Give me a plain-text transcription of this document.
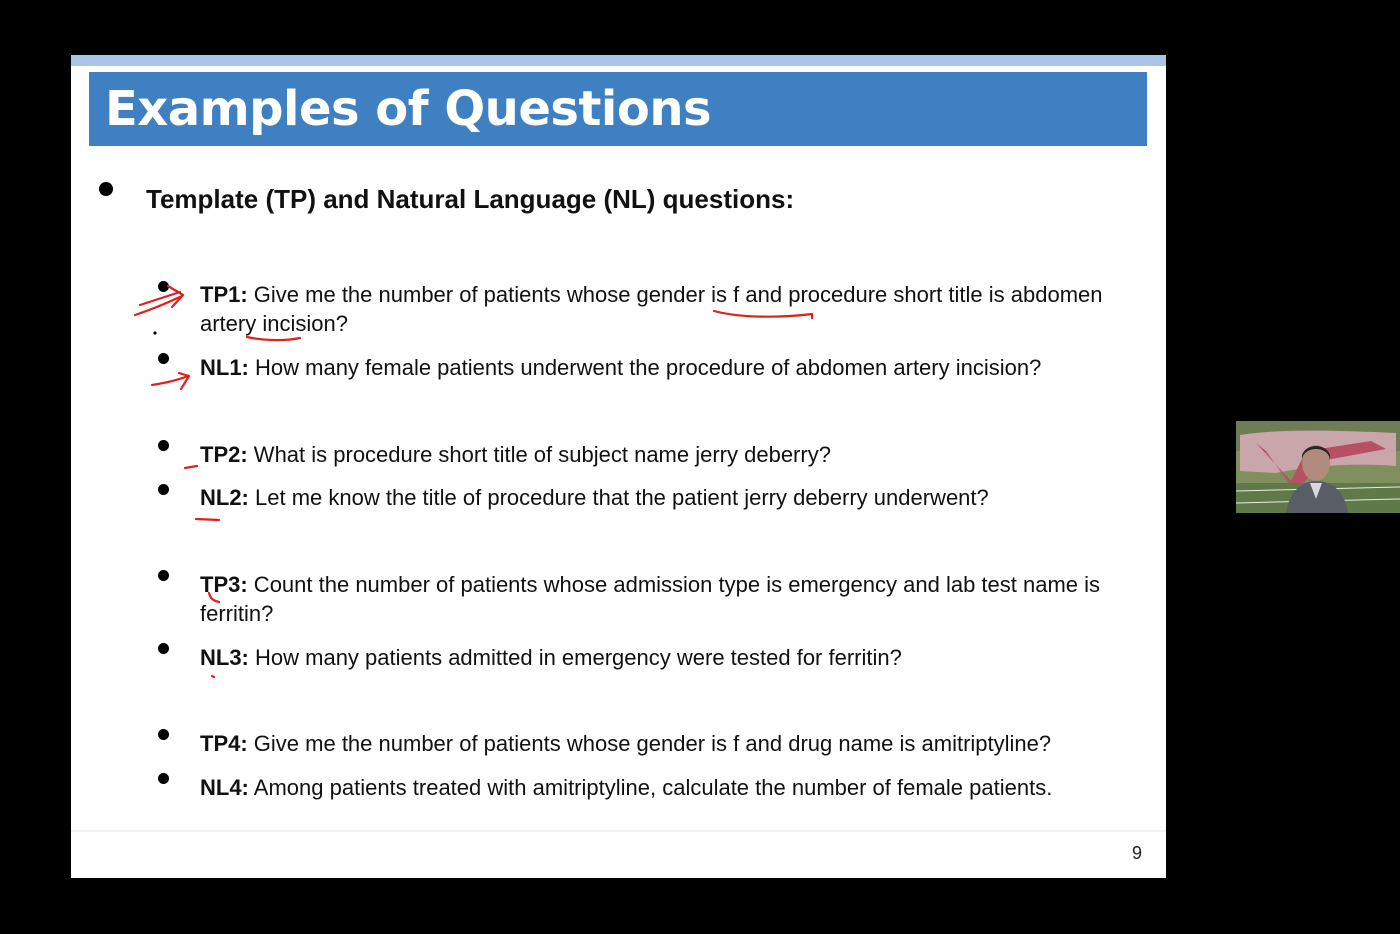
Examples of Questions
Template (TP) and Natural Language (NL) questions:
TP1: Give me the number of patients whose gender is f and procedure short title is abdomen artery incision?
NL1: How many female patients underwent the procedure of abdomen artery incision?
TP2: What is procedure short title of subject name jerry deberry?
NL2: Let me know the title of procedure that the patient jerry deberry underwent?
TP3: Count the number of patients whose admission type is emergency and lab test name is ferritin?
NL3: How many patients admitted in emergency were tested for ferritin?
TP4: Give me the number of patients whose gender is f and drug name is amitriptyline?
NL4: Among patients treated with amitriptyline, calculate the number of female patients.
9
